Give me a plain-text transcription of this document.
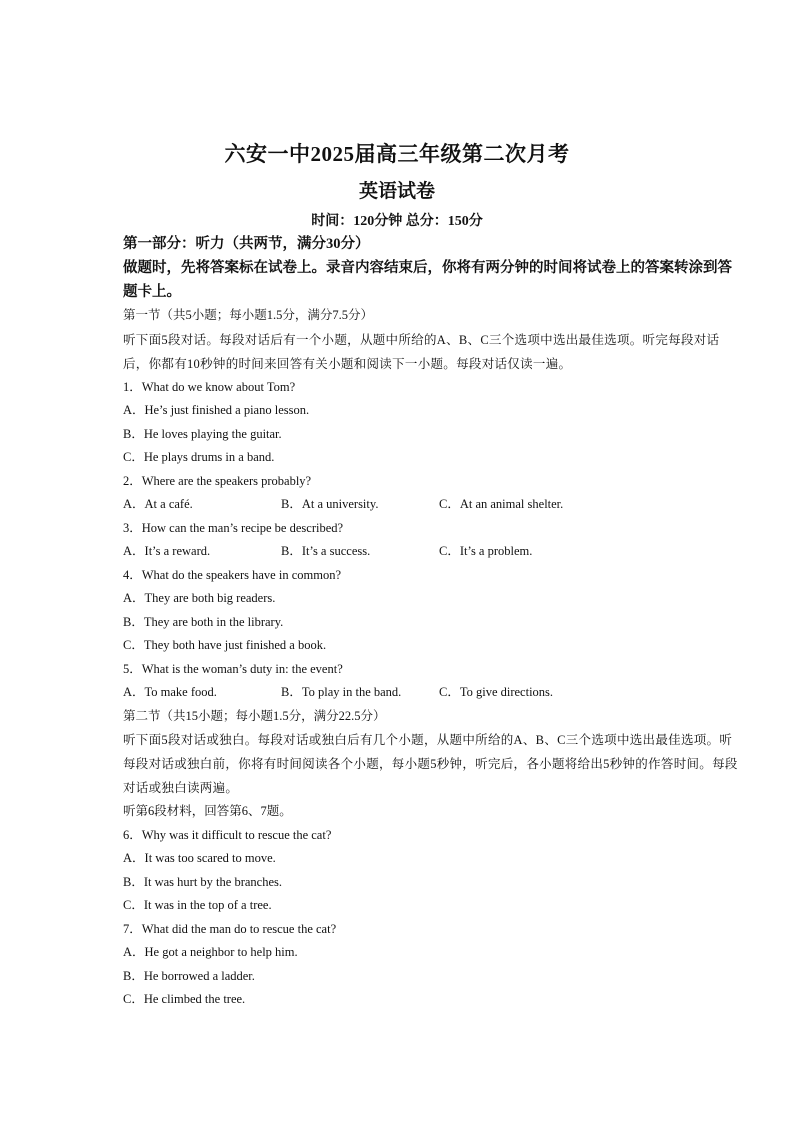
六安一中2025届高三年级第二次月考
英语试卷
时间：120分钟 总分：150分
第一部分：听力（共两节，满分30分）
做题时，先将答案标在试卷上。录音内容结束后，你将有两分钟的时间将试卷上的答案转涂到答题卡上。
第一节（共5小题；每小题1.5分，满分7.5分）
听下面5段对话。每段对话后有一个小题，从题中所给的A、B、C三个选项中选出最佳选项。听完每段对话后，你都有10秒钟的时间来回答有关小题和阅读下一小题。每段对话仅读一遍。
1．What do we know about Tom?
A．He’s just finished a piano lesson.
B．He loves playing the guitar.
C．He plays drums in a band.
2．Where are the speakers probably?
A．At a café.	B．At a university.	C．At an animal shelter.
3．How can the man’s recipe be described?
A．It’s a reward.	B．It’s a success.	C．It’s a problem.
4．What do the speakers have in common?
A．They are both big readers.
B．They are both in the library.
C．They both have just finished a book.
5．What is the woman’s duty in: the event?
A．To make food.	B．To play in the band.	C．To give directions.
第二节（共15小题；每小题1.5分，满分22.5分）
听下面5段对话或独白。每段对话或独白后有几个小题，从题中所给的A、B、C三个选项中选出最佳选项。听每段对话或独白前，你将有时间阅读各个小题，每小题5秒钟，听完后，各小题将给出5秒钟的作答时间。每段对话或独白读两遍。
听第6段材料，回答第6、7题。
6．Why was it difficult to rescue the cat?
A．It was too scared to move.
B．It was hurt by the branches.
C．It was in the top of a tree.
7．What did the man do to rescue the cat?
A．He got a neighbor to help him.
B．He borrowed a ladder.
C．He climbed the tree.
